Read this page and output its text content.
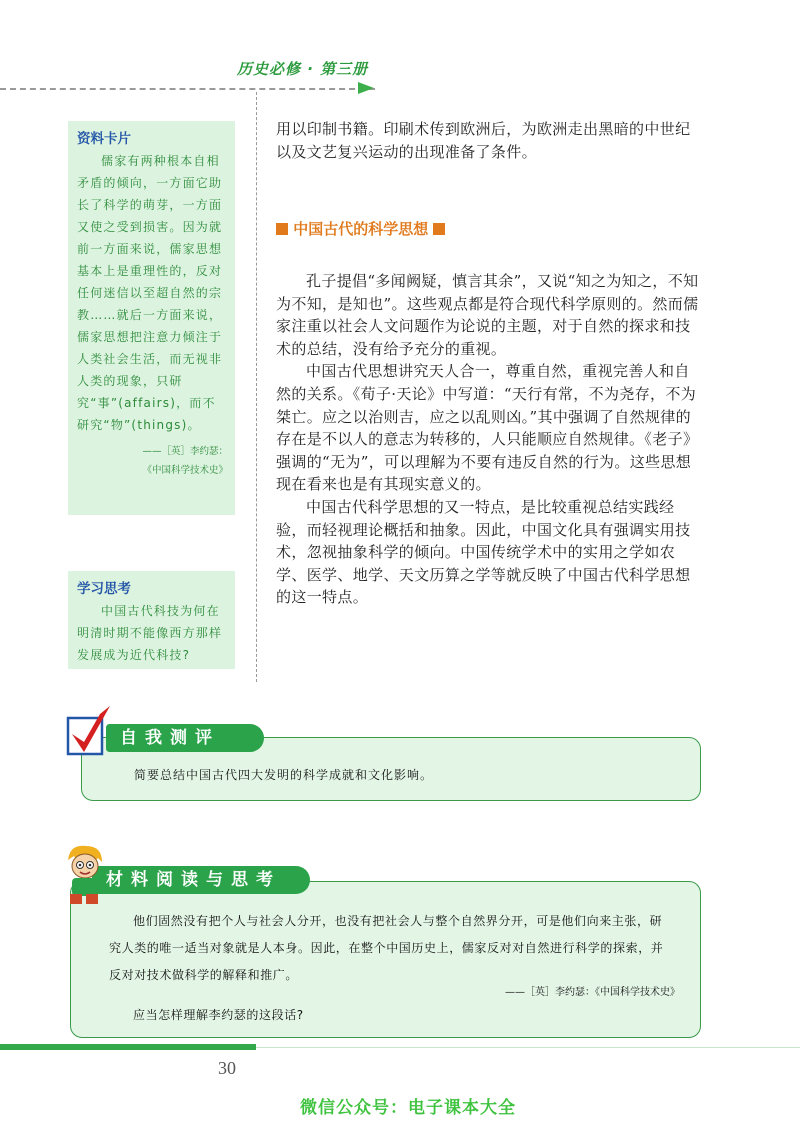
历史必修 · 第三册
资料卡片
儒家有两种根本自相矛盾的倾向，一方面它助长了科学的萌芽，一方面又使之受到损害。因为就前一方面来说，儒家思想基本上是重理性的，反对任何迷信以至超自然的宗教……就后一方面来说，儒家思想把注意力倾注于人类社会生活，而无视非人类的现象，只研究“事”(affairs)，而不研究“物”(things)。
——［英］李约瑟：
《中国科学技术史》
学习思考
中国古代科技为何在明清时期不能像西方那样发展成为近代科技?

用以印制书籍。印刷术传到欧洲后，为欧洲走出黑暗的中世纪以及文艺复兴运动的出现准备了条件。

中国古代的科学思想

孔子提倡“多闻阙疑，慎言其余”，又说“知之为知之，不知为不知，是知也”。这些观点都是符合现代科学原则的。然而儒家注重以社会人文问题作为论说的主题，对于自然的探求和技术的总结，没有给予充分的重视。

中国古代思想讲究天人合一，尊重自然，重视完善人和自然的关系。《荀子·天论》中写道：“天行有常，不为尧存，不为桀亡。应之以治则吉，应之以乱则凶。”其中强调了自然规律的存在是不以人的意志为转移的，人只能顺应自然规律。《老子》强调的“无为”，可以理解为不要有违反自然的行为。这些思想现在看来也是有其现实意义的。

中国古代科学思想的又一特点，是比较重视总结实践经验，而轻视理论概括和抽象。因此，中国文化具有强调实用技术，忽视抽象科学的倾向。中国传统学术中的实用之学如农学、医学、地学、天文历算之学等就反映了中国古代科学思想的这一特点。

简要总结中国古代四大发明的科学成就和文化影响。
自我测评
他们固然没有把个人与社会人分开，也没有把社会人与整个自然界分开，可是他们向来主张，研究人类的唯一适当对象就是人本身。因此，在整个中国历史上，儒家反对对自然进行科学的探索，并反对对技术做科学的解释和推广。
——［英］李约瑟：《中国科学技术史》
应当怎样理解李约瑟的这段话?
材料阅读与思考
30
微信公众号：电子课本大全
